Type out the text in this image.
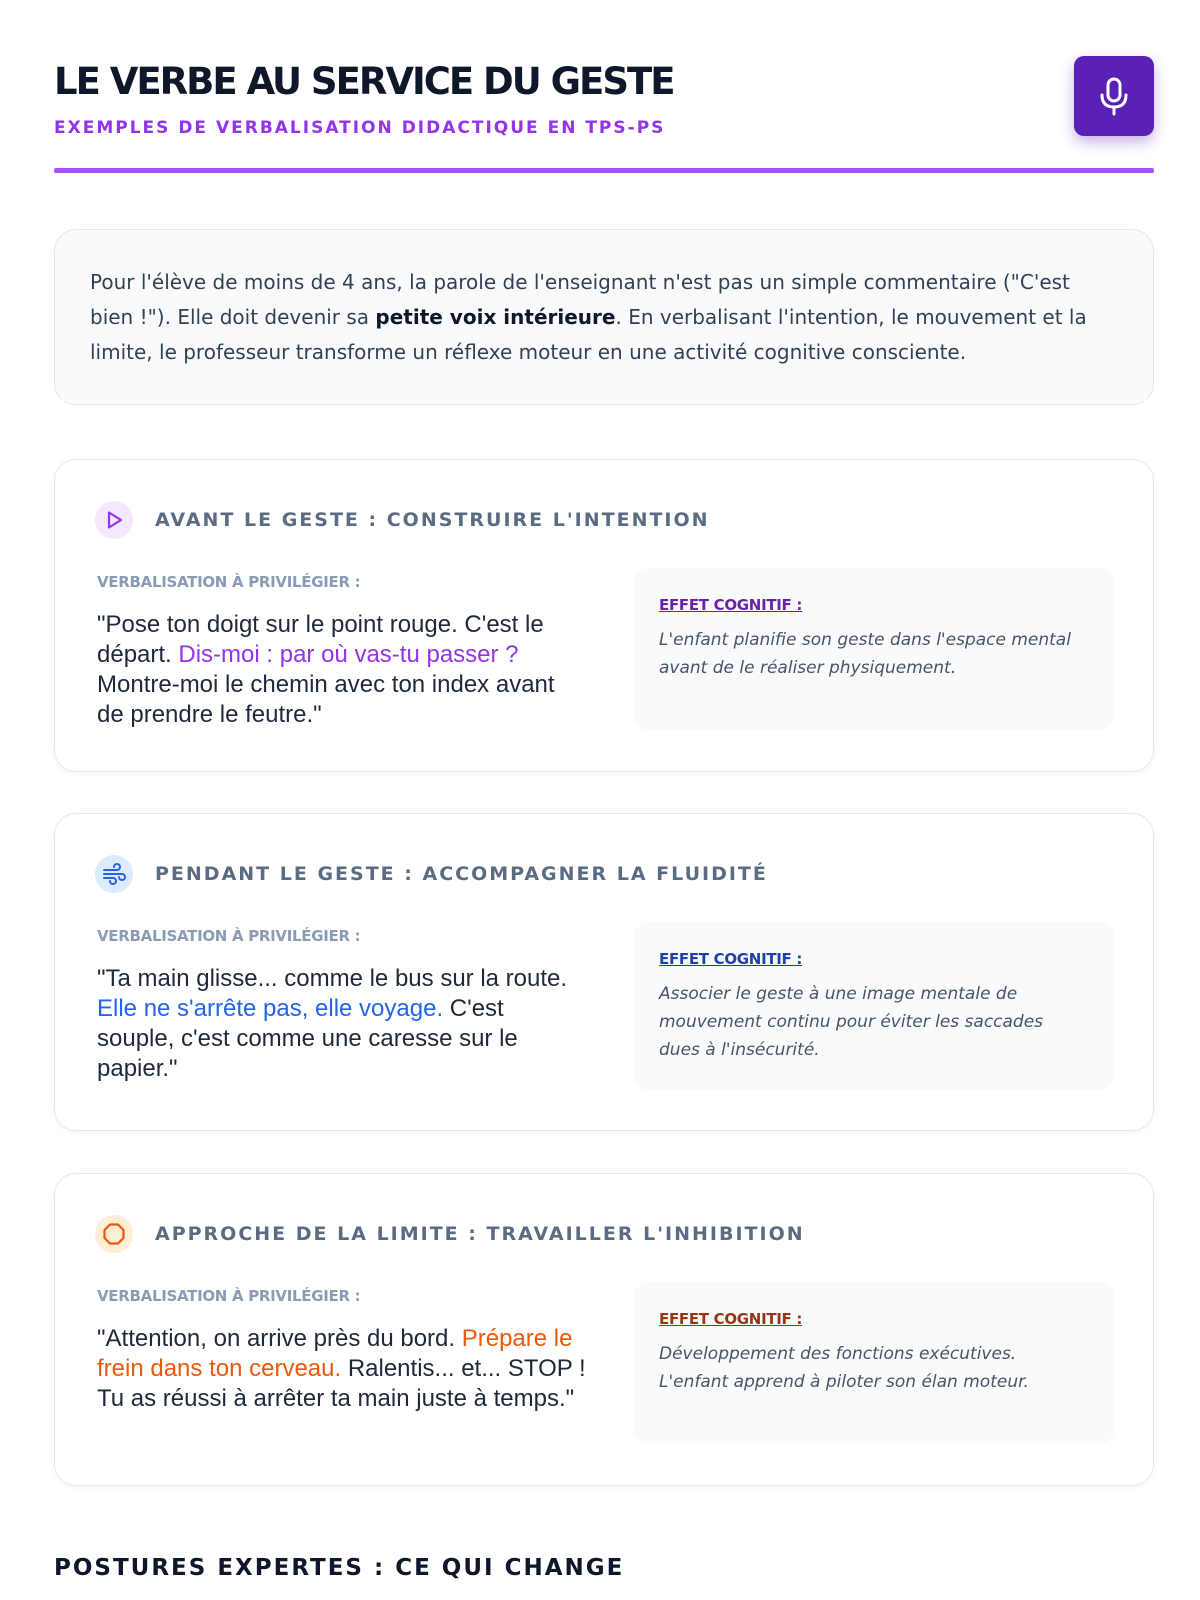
LE VERBE AU SERVICE DU GESTE
EXEMPLES DE VERBALISATION DIDACTIQUE EN TPS-PS
Pour l'élève de moins de 4 ans, la parole de l'enseignant n'est pas un simple commentaire ("C'est bien !"). Elle doit devenir sa petite voix intérieure. En verbalisant l'intention, le mouvement et la limite, le professeur transforme un réflexe moteur en une activité cognitive consciente.
AVANT LE GESTE : CONSTRUIRE L'INTENTION
VERBALISATION À PRIVILÉGIER :
"Pose ton doigt sur le point rouge. C'est le départ. Dis-moi : par où vas-tu passer ? Montre-moi le chemin avec ton index avant de prendre le feutre."
EFFET COGNITIF :
L'enfant planifie son geste dans l'espace mental avant de le réaliser physiquement.
PENDANT LE GESTE : ACCOMPAGNER LA FLUIDITÉ
VERBALISATION À PRIVILÉGIER :
"Ta main glisse... comme le bus sur la route. Elle ne s'arrête pas, elle voyage. C'est souple, c'est comme une caresse sur le papier."
EFFET COGNITIF :
Associer le geste à une image mentale de mouvement continu pour éviter les saccades dues à l'insécurité.
APPROCHE DE LA LIMITE : TRAVAILLER L'INHIBITION
VERBALISATION À PRIVILÉGIER :
"Attention, on arrive près du bord. Prépare le frein dans ton cerveau. Ralentis... et... STOP ! Tu as réussi à arrêter ta main juste à temps."
EFFET COGNITIF :
Développement des fonctions exécutives. L'enfant apprend à piloter son élan moteur.
POSTURES EXPERTES : CE QUI CHANGE
